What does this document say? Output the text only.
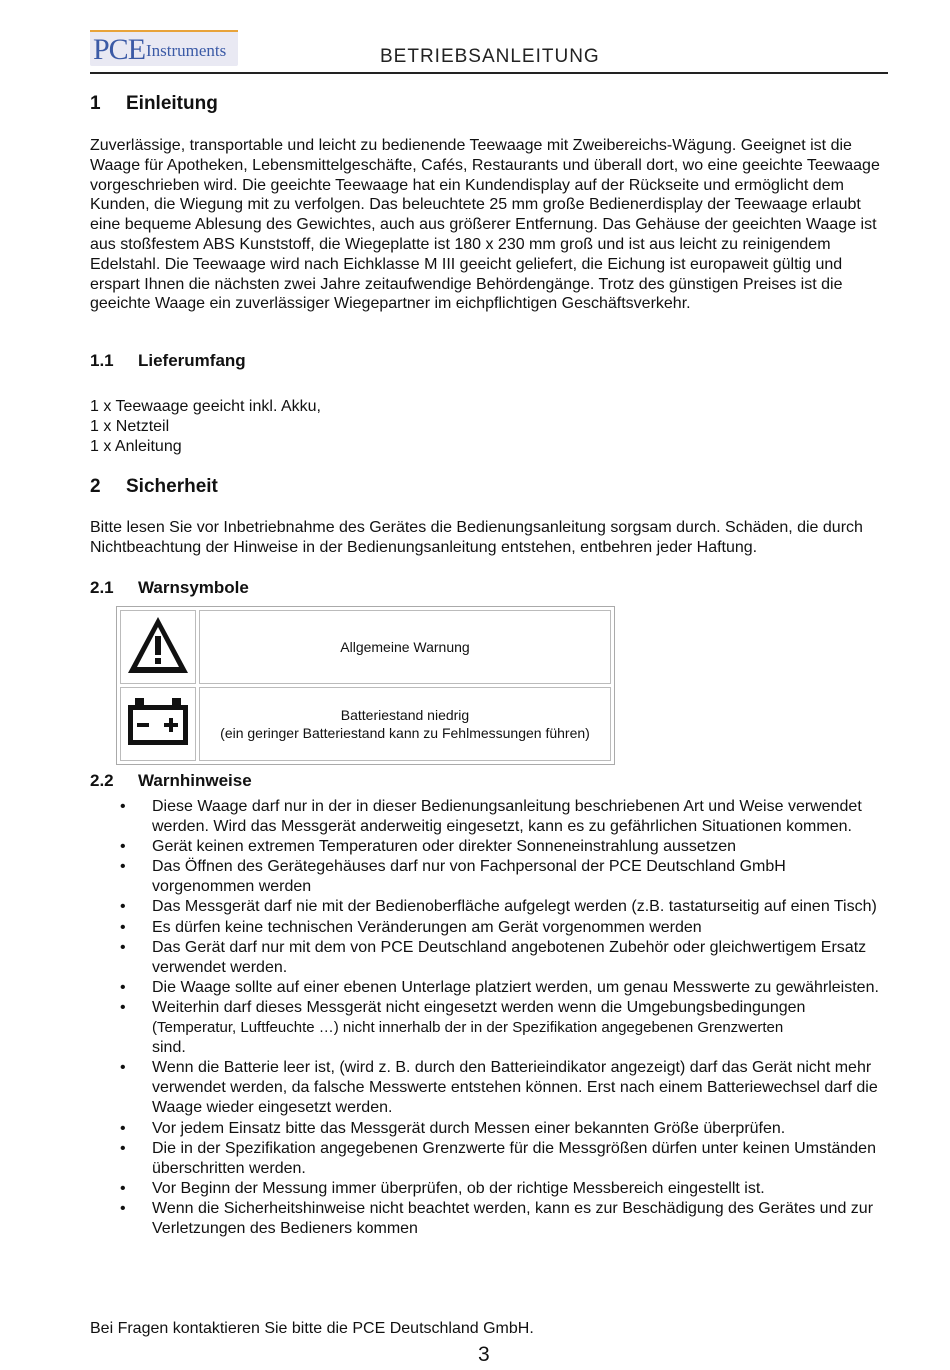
PCE Instruments	BETRIEBSANLEITUNG
1 Einleitung

Zuverlässige, transportable und leicht zu bedienende Teewaage mit Zweibereichs-Wägung. Geeignet ist die Waage für Apotheken, Lebensmittelgeschäfte, Cafés, Restaurants und überall dort, wo eine geeichte Teewaage vorgeschrieben wird. Die geeichte Teewaage hat ein Kundendisplay auf der Rückseite und ermöglicht dem Kunden, die Wiegung mit zu verfolgen. Das beleuchtete 25 mm große Bedienerdisplay der Teewaage erlaubt eine bequeme Ablesung des Gewichtes, auch aus größerer Entfernung. Das Gehäuse der geeichten Waage ist aus stoßfestem ABS Kunststoff, die Wiegeplatte ist 180 x 230 mm groß und ist aus leicht zu reinigendem Edelstahl. Die Teewaage wird nach Eichklasse M III geeicht geliefert, die Eichung ist europaweit gültig und erspart Ihnen die nächsten zwei Jahre zeitaufwendige Behördengänge. Trotz des günstigen Preises ist die geeichte Waage ein zuverlässiger Wiegepartner im eichpflichtigen Geschäftsverkehr.

1.1 Lieferumfang
1 x Teewaage geeicht inkl. Akku,
1 x Netzteil
1 x Anleitung
2 Sicherheit

Bitte lesen Sie vor Inbetriebnahme des Gerätes die Bedienungsanleitung sorgsam durch. Schäden, die durch Nichtbeachtung der Hinweise in der Bedienungsanleitung entstehen, entbehren jeder Haftung.

2.1 Warnsymbole

Allgemeine Warnung

Batteriestand niedrig
(ein geringer Batteriestand kann zu Fehlmessungen führen)
2.2 Warnhinweise
• Diese Waage darf nur in der in dieser Bedienungsanleitung beschriebenen Art und Weise verwendet werden. Wird das Messgerät anderweitig eingesetzt, kann es zu gefährlichen Situationen kommen.
• Gerät keinen extremen Temperaturen oder direkter Sonneneinstrahlung aussetzen
• Das Öffnen des Gerätegehäuses darf nur von Fachpersonal der PCE Deutschland GmbH vorgenommen werden
• Das Messgerät darf nie mit der Bedienoberfläche aufgelegt werden (z.B. tastaturseitig auf einen Tisch)
• Es dürfen keine technischen Veränderungen am Gerät vorgenommen werden
• Das Gerät darf nur mit dem von PCE Deutschland angebotenen Zubehör oder gleichwertigem Ersatz verwendet werden.
• Die Waage sollte auf einer ebenen Unterlage platziert werden, um genau Messwerte zu gewährleisten.
• Weiterhin darf dieses Messgerät nicht eingesetzt werden wenn die Umgebungsbedingungen
(Temperatur, Luftfeuchte …) nicht innerhalb der in der Spezifikation angegebenen Grenzwerten
sind.
• Wenn die Batterie leer ist, (wird z. B. durch den Batterieindikator angezeigt) darf das Gerät nicht mehr verwendet werden, da falsche Messwerte entstehen können. Erst nach einem Batteriewechsel darf die Waage wieder eingesetzt werden.
• Vor jedem Einsatz bitte das Messgerät durch Messen einer bekannten Größe überprüfen.
• Die in der Spezifikation angegebenen Grenzwerte für die Messgrößen dürfen unter keinen Umständen überschritten werden.
• Vor Beginn der Messung immer überprüfen, ob der richtige Messbereich eingestellt ist.
• Wenn die Sicherheitshinweise nicht beachtet werden, kann es zur Beschädigung des Gerätes und zur Verletzungen des Bedieners kommen
Bei Fragen kontaktieren Sie bitte die PCE Deutschland GmbH.
3
